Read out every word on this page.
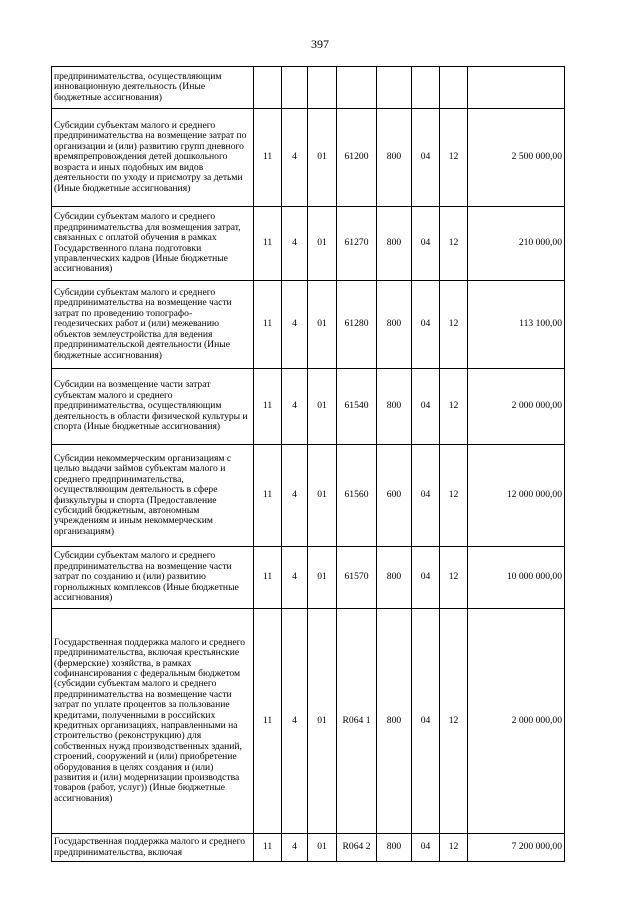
397
предпринимательства, осуществляющим инновационную деятельность (Иные бюджетные ассигнования)								
Субсидии субъектам малого и среднего предпринимательства на возмещение затрат по организации и (или) развитию групп дневного времяпрепровождения детей дошкольного возраста и иных подобных им видов деятельности по уходу и присмотру за детьми (Иные бюджетные ассигнования)	11	4	01	61200	800	04	12	2 500 000,00
Субсидии субъектам малого и среднего предпринимательства для возмещения затрат, связанных с оплатой обучения в рамках Государственного плана подготовки управленческих кадров (Иные бюджетные ассигнования)	11	4	01	61270	800	04	12	210 000,00
Субсидии субъектам малого и среднего предпринимательства на возмещение части затрат по проведению топографо-геодезических работ и (или) межеванию объектов землеустройства для ведения предпринимательской деятельности (Иные бюджетные ассигнования)	11	4	01	61280	800	04	12	113 100,00
Субсидии на возмещение части затрат субъектам малого и среднего предпринимательства, осуществляющим деятельность в области физической культуры и спорта (Иные бюджетные ассигнования)	11	4	01	61540	800	04	12	2 000 000,00
Субсидии некоммерческим организациям с целью выдачи займов субъектам малого и среднего предпринимательства, осуществляющим деятельность в сфере физкультуры и спорта (Предоставление субсидий бюджетным, автономным учреждениям и иным некоммерческим организациям)	11	4	01	61560	600	04	12	12 000 000,00
Субсидии субъектам малого и среднего предпринимательства на возмещение части затрат по созданию и (или) развитию горнолыжных комплексов (Иные бюджетные ассигнования)	11	4	01	61570	800	04	12	10 000 000,00
Государственная поддержка малого и среднего предпринимательства, включая крестьянские (фермерские) хозяйства, в рамках софинансирования с федеральным бюджетом (субсидии субъектам малого и среднего предпринимательства на возмещение части затрат по уплате процентов за пользование кредитами, полученными в российских кредитных организациях, направленными на строительство (реконструкцию) для собственных нужд производственных зданий, строений, сооружений и (или) приобретение оборудования в целях создания и (или) развития и (или) модернизации производства товаров (работ, услуг)) (Иные бюджетные ассигнования)	11	4	01	R064 1	800	04	12	2 000 000,00
Государственная поддержка малого и среднего предпринимательства, включая	11	4	01	R064 2	800	04	12	7 200 000,00
